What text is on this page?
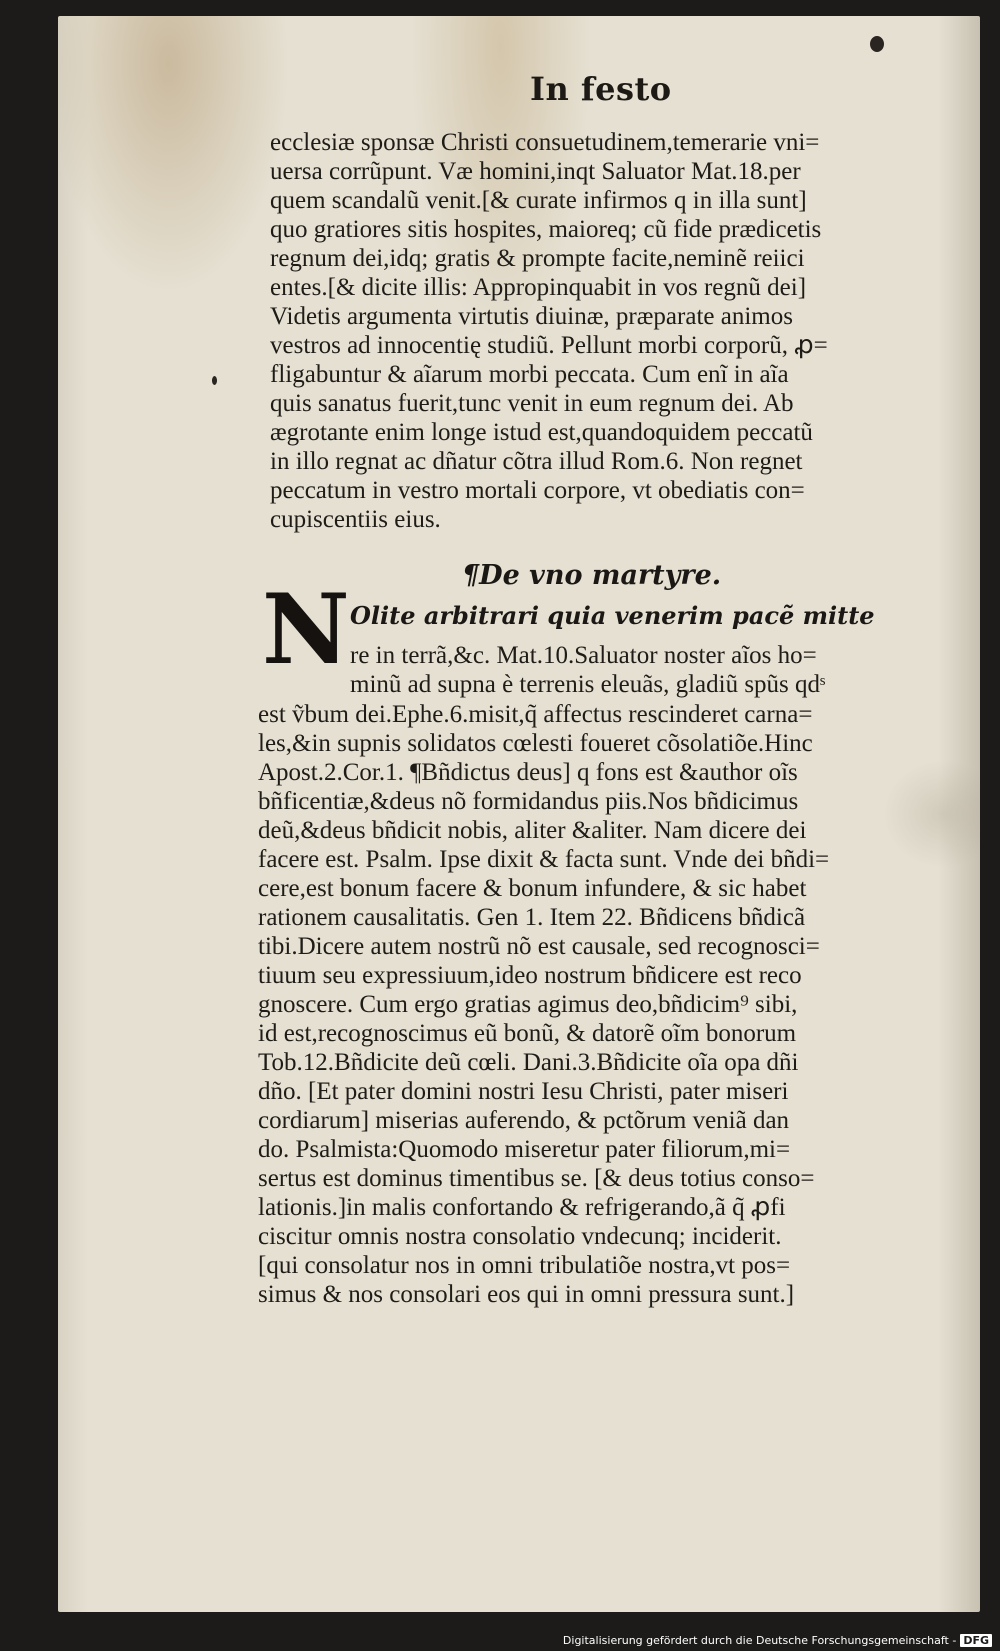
In festo

ecclesiæ sponsæ Christi consuetudinem,temerarie vni=

uersa corrũpunt. Væ homini,inqt Saluator Mat.18.per

quem scandalũ venit.[& curate infirmos q in illa sunt]

quo gratiores sitis hospites, maioreq; cũ fide prædicetis

regnum dei,idq; gratis & prompte facite,neminẽ reiici

entes.[& dicite illis: Appropinquabit in vos regnũ dei]

Videtis argumenta virtutis diuinæ, præparate animos

vestros ad innocentię studiũ. Pellunt morbi corporũ, ꝓ=

fligabuntur & aĩarum morbi peccata. Cum enĩ in aĩa

quis sanatus fuerit,tunc venit in eum regnum dei. Ab

ægrotante enim longe istud est,quandoquidem peccatũ

in illo regnat ac dñatur cõtra illud Rom.6. Non regnet

peccatum in vestro mortali corpore, vt obediatis con=

cupiscentiis eius.

¶De vno martyre.
N Olite arbitrari quia venerim pacẽ mitte

re in terrã,&c. Mat.10.Saluator noster aĩos ho=

minũ ad supna è terrenis eleuãs, gladiũ spũs qdˢ

est ṽbum dei.Ephe.6.misit,q̃ affectus rescinderet carna=

les,&in supnis solidatos cœlesti foueret cõsolatiõe.Hinc

Apost.2.Cor.1. ¶Bñdictus deus] q fons est &author oĩs

bñficentiæ,&deus nõ formidandus piis.Nos bñdicimus

deũ,&deus bñdicit nobis, aliter &aliter. Nam dicere dei

facere est. Psalm. Ipse dixit & facta sunt. Vnde dei bñdi=

cere,est bonum facere & bonum infundere, & sic habet

rationem causalitatis. Gen 1. Item 22. Bñdicens bñdicã

tibi.Dicere autem nostrũ nõ est causale, sed recognosci=

tiuum seu expressiuum,ideo nostrum bñdicere est reco

gnoscere. Cum ergo gratias agimus deo,bñdicim⁹ sibi,

id est,recognoscimus eũ bonũ, & datorẽ oĩm bonorum

Tob.12.Bñdicite deũ cœli. Dani.3.Bñdicite oĩa opa dñi

dño. [Et pater domini nostri Iesu Christi, pater miseri

cordiarum] miserias auferendo, & pctõrum veniã dan

do. Psalmista:Quomodo miseretur pater filiorum,mi=

sertus est dominus timentibus se. [& deus totius conso=

lationis.]in malis confortando & refrigerando,ã q̃ ꝓfi

ciscitur omnis nostra consolatio vndecunq; inciderit.

[qui consolatur nos in omni tribulatiõe nostra,vt pos=

simus & nos consolari eos qui in omni pressura sunt.]

Digitalisierung gefördert durch die Deutsche Forschungsgemeinschaft - DFG
